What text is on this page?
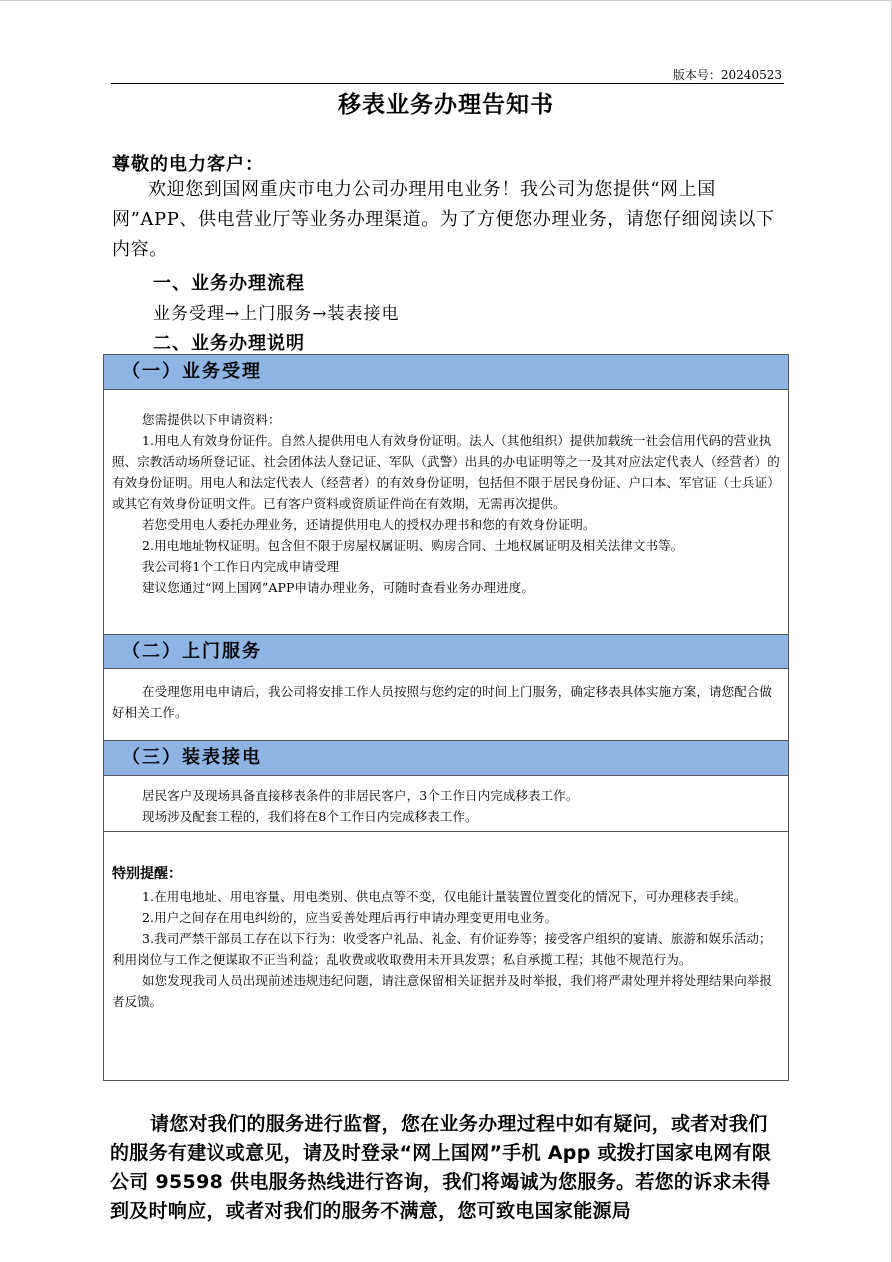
版本号：20240523
移表业务办理告知书
尊敬的电力客户：

欢迎您到国网重庆市电力公司办理用电业务！我公司为您提供“网上国网”APP、供电营业厅等业务办理渠道。为了方便您办理业务，请您仔细阅读以下内容。

一、业务办理流程
业务受理→上门服务→装表接电
二、业务办理说明
（一）业务受理

您需提供以下申请资料：

1.用电人有效身份证件。自然人提供用电人有效身份证明。法人（其他组织）提供加载统一社会信用代码的营业执照、宗教活动场所登记证、社会团体法人登记证、军队（武警）出具的办电证明等之一及其对应法定代表人（经营者）的有效身份证明。用电人和法定代表人（经营者）的有效身份证明，包括但不限于居民身份证、户口本、军官证（士兵证）或其它有效身份证明文件。已有客户资料或资质证件尚在有效期，无需再次提供。

若您受用电人委托办理业务，还请提供用电人的授权办理书和您的有效身份证明。

2.用电地址物权证明。包含但不限于房屋权属证明、购房合同、土地权属证明及相关法律文书等。

我公司将1个工作日内完成申请受理

建议您通过“网上国网”APP申请办理业务，可随时查看业务办理进度。

（二）上门服务

在受理您用电申请后，我公司将安排工作人员按照与您约定的时间上门服务，确定移表具体实施方案，请您配合做好相关工作。

（三）装表接电

居民客户及现场具备直接移表条件的非居民客户，3个工作日内完成移表工作。

现场涉及配套工程的，我们将在8个工作日内完成移表工作。

特别提醒：

1.在用电地址、用电容量、用电类别、供电点等不变，仅电能计量装置位置变化的情况下，可办理移表手续。

2.用户之间存在用电纠纷的，应当妥善处理后再行申请办理变更用电业务。

3.我司严禁干部员工存在以下行为：收受客户礼品、礼金、有价证券等；接受客户组织的宴请、旅游和娱乐活动；利用岗位与工作之便谋取不正当利益；乱收费或收取费用未开具发票；私自承揽工程；其他不规范行为。

如您发现我司人员出现前述违规违纪问题，请注意保留相关证据并及时举报，我们将严肃处理并将处理结果向举报者反馈。

请您对我们的服务进行监督，您在业务办理过程中如有疑问，或者对我们的服务有建议或意见，请及时登录“网上国网”手机 App 或拨打国家电网有限公司 95598 供电服务热线进行咨询，我们将竭诚为您服务。若您的诉求未得到及时响应，或者对我们的服务不满意，您可致电国家能源局
